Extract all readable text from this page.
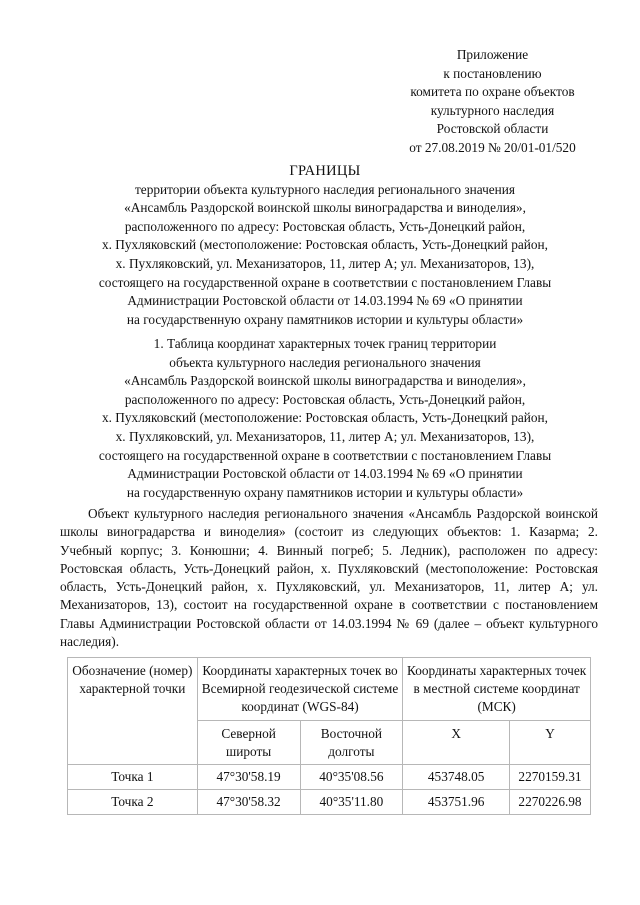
Приложение
к постановлению
комитета по охране объектов
культурного наследия
Ростовской области
от 27.08.2019 № 20/01-01/520
ГРАНИЦЫ
территории объекта культурного наследия регионального значения
«Ансамбль Раздорской воинской школы виноградарства и виноделия»,
расположенного по адресу: Ростовская область, Усть-Донецкий район,
х. Пухляковский (местоположение: Ростовская область, Усть-Донецкий район,
х. Пухляковский, ул. Механизаторов, 11, литер А; ул. Механизаторов, 13),
состоящего на государственной охране в соответствии с постановлением Главы
Администрации Ростовской области от 14.03.1994 № 69 «О принятии
на государственную охрану памятников истории и культуры области»
1. Таблица координат характерных точек границ территории
объекта культурного наследия регионального значения
«Ансамбль Раздорской воинской школы виноградарства и виноделия»,
расположенного по адресу: Ростовская область, Усть-Донецкий район,
х. Пухляковский (местоположение: Ростовская область, Усть-Донецкий район,
х. Пухляковский, ул. Механизаторов, 11, литер А; ул. Механизаторов, 13),
состоящего на государственной охране в соответствии с постановлением Главы
Администрации Ростовской области от 14.03.1994 № 69 «О принятии
на государственную охрану памятников истории и культуры области»
Объект культурного наследия регионального значения «Ансамбль Раздорской воинской школы виноградарства и виноделия» (состоит из следующих объектов: 1. Казарма; 2. Учебный корпус; 3. Конюшни; 4. Винный погреб; 5. Ледник), расположен по адресу: Ростовская область, Усть-Донецкий район, х. Пухляковский (местоположение: Ростовская область, Усть-Донецкий район, х. Пухляковский, ул. Механизаторов, 11, литер А; ул. Механизаторов, 13), состоит на государственной охране в соответствии с постановлением Главы Администрации Ростовской области от 14.03.1994 № 69 (далее – объект культурного наследия).
Обозначение (номер) характерной точки	Координаты характерных точек во Всемирной геодезической системе координат (WGS-84)		Координаты характерных точек в местной системе координат (МСК)	
	Северной широты	Восточной долготы	X	Y
Точка 1	47°30'58.19	40°35'08.56	453748.05	2270159.31
Точка 2	47°30'58.32	40°35'11.80	453751.96	2270226.98
